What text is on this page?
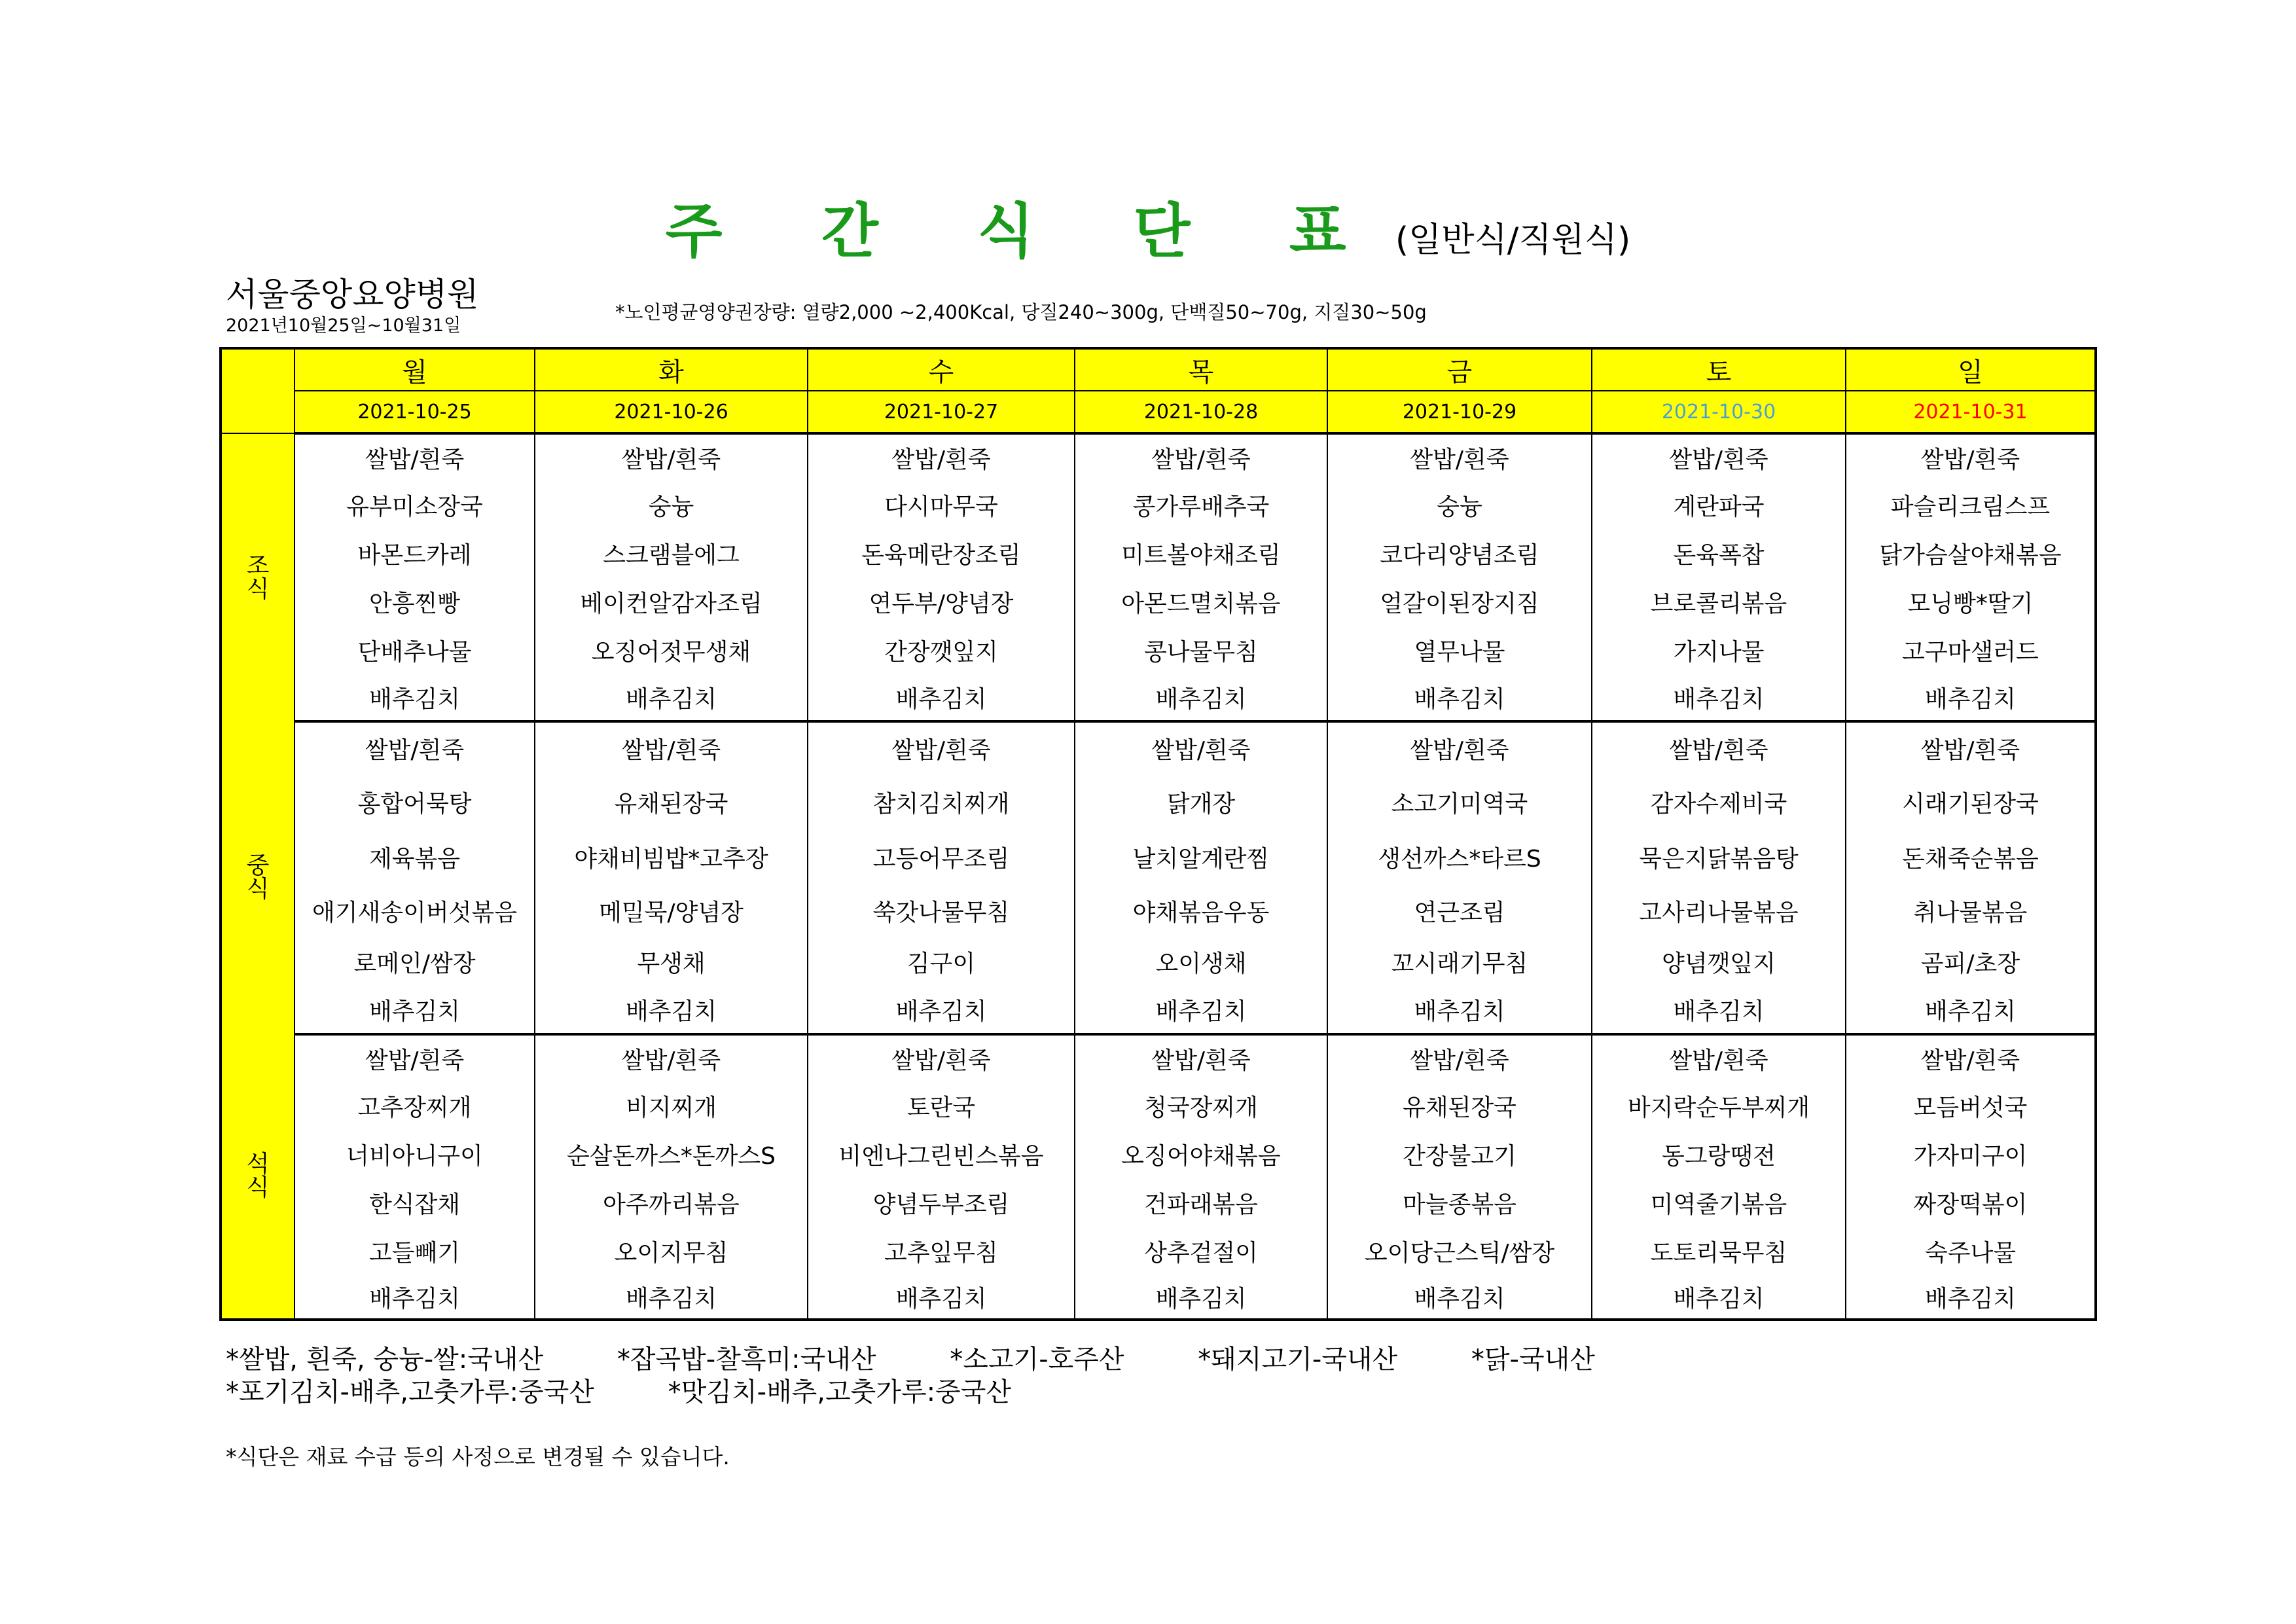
주 간 식 단 표 (일반식/직원식)
서울중앙요양병원
2021년10월25일~10월31일
*노인평균영양권장량: 열량2,000 ~2,400Kcal, 당질240~300g, 단백질50~70g, 지질30~50g
	월	화	수	목	금	토	일
	2021-10-25	2021-10-26	2021-10-27	2021-10-28	2021-10-29	2021-10-30	2021-10-31
조
식	쌀밥/흰죽	쌀밥/흰죽	쌀밥/흰죽	쌀밥/흰죽	쌀밥/흰죽	쌀밥/흰죽	쌀밥/흰죽
	유부미소장국	숭늉	다시마무국	콩가루배추국	숭늉	계란파국	파슬리크림스프
	바몬드카레	스크램블에그	돈육메란장조림	미트볼야채조림	코다리양념조림	돈육폭찹	닭가슴살야채볶음
	안흥찐빵	베이컨알감자조림	연두부/양념장	아몬드멸치볶음	얼갈이된장지짐	브로콜리볶음	모닝빵*딸기
	단배추나물	오징어젓무생채	간장깻잎지	콩나물무침	열무나물	가지나물	고구마샐러드
	배추김치	배추김치	배추김치	배추김치	배추김치	배추김치	배추김치
중
식	쌀밥/흰죽	쌀밥/흰죽	쌀밥/흰죽	쌀밥/흰죽	쌀밥/흰죽	쌀밥/흰죽	쌀밥/흰죽
	홍합어묵탕	유채된장국	참치김치찌개	닭개장	소고기미역국	감자수제비국	시래기된장국
	제육볶음	야채비빔밥*고추장	고등어무조림	날치알계란찜	생선까스*타르S	묵은지닭볶음탕	돈채죽순볶음
	애기새송이버섯볶음	메밀묵/양념장	쑥갓나물무침	야채볶음우동	연근조림	고사리나물볶음	취나물볶음
	로메인/쌈장	무생채	김구이	오이생채	꼬시래기무침	양념깻잎지	곰피/초장
	배추김치	배추김치	배추김치	배추김치	배추김치	배추김치	배추김치
석
식	쌀밥/흰죽	쌀밥/흰죽	쌀밥/흰죽	쌀밥/흰죽	쌀밥/흰죽	쌀밥/흰죽	쌀밥/흰죽
	고추장찌개	비지찌개	토란국	청국장찌개	유채된장국	바지락순두부찌개	모듬버섯국
	너비아니구이	순살돈까스*돈까스S	비엔나그린빈스볶음	오징어야채볶음	간장불고기	동그랑땡전	가자미구이
	한식잡채	아주까리볶음	양념두부조림	건파래볶음	마늘종볶음	미역줄기볶음	짜장떡볶이
	고들빼기	오이지무침	고추잎무침	상추겉절이	오이당근스틱/쌈장	도토리묵무침	숙주나물
	배추김치	배추김치	배추김치	배추김치	배추김치	배추김치	배추김치
*쌀밥, 흰죽, 숭늉-쌀:국내산	*잡곡밥-찰흑미:국내산	*소고기-호주산	*돼지고기-국내산	*닭-국내산
*포기김치-배추,고춧가루:중국산	*맛김치-배추,고춧가루:중국산
*식단은 재료 수급 등의 사정으로 변경될 수 있습니다.
